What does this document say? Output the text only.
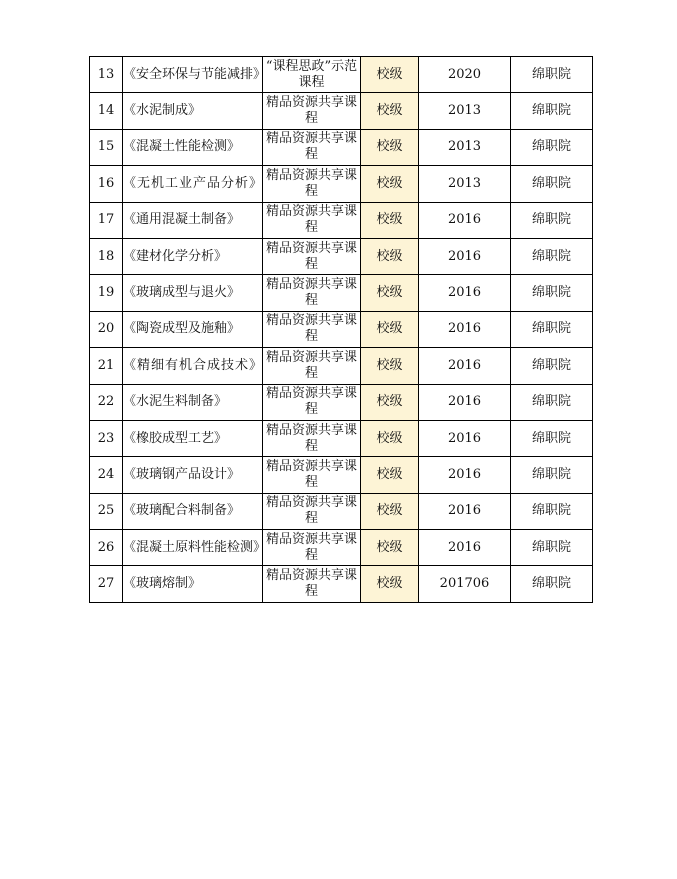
13	《安全环保与节能减排》	“课程思政”示范课程	校级	2020	绵职院
14	《水泥制成》	精品资源共享课程	校级	2013	绵职院
15	《混凝土性能检测》	精品资源共享课程	校级	2013	绵职院
16	《无机工业产品分析》	精品资源共享课程	校级	2013	绵职院
17	《通用混凝土制备》	精品资源共享课程	校级	2016	绵职院
18	《建材化学分析》	精品资源共享课程	校级	2016	绵职院
19	《玻璃成型与退火》	精品资源共享课程	校级	2016	绵职院
20	《陶瓷成型及施釉》	精品资源共享课程	校级	2016	绵职院
21	《精细有机合成技术》	精品资源共享课程	校级	2016	绵职院
22	《水泥生料制备》	精品资源共享课程	校级	2016	绵职院
23	《橡胶成型工艺》	精品资源共享课程	校级	2016	绵职院
24	《玻璃钢产品设计》	精品资源共享课程	校级	2016	绵职院
25	《玻璃配合料制备》	精品资源共享课程	校级	2016	绵职院
26	《混凝土原料性能检测》	精品资源共享课程	校级	2016	绵职院
27	《玻璃熔制》	精品资源共享课程	校级	201706	绵职院
